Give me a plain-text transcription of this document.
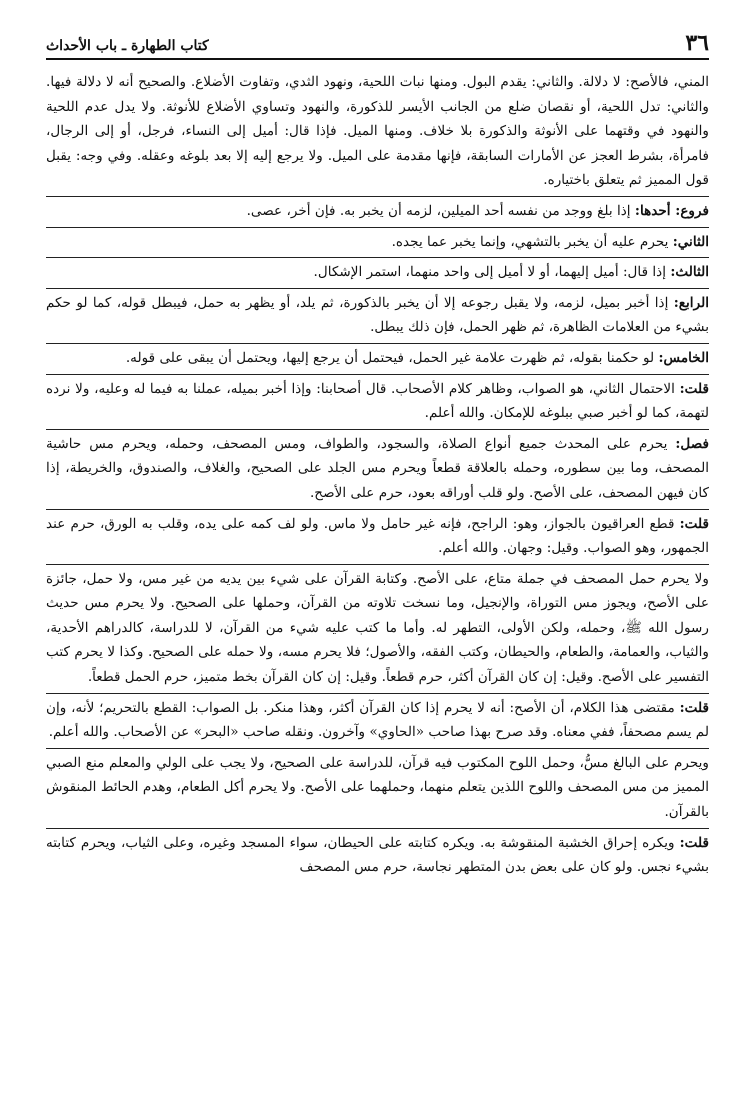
٣٦
كتاب الطهارة ـ باب الأحداث

المني، فالأصح: لا دلالة. والثاني: يقدم البول. ومنها نبات اللحية، ونهود الثدي، وتفاوت الأضلاع. والصحيح أنه لا دلالة فيها. والثاني: تدل اللحية، أو نقصان ضلع من الجانب الأيسر للذكورة، والنهود وتساوي الأضلاع للأنوثة. ولا يدل عدم اللحية والنهود في وقتهما على الأنوثة والذكورة بلا خلاف. ومنها الميل. فإذا قال: أميل إلى النساء، فرجل، أو إلى الرجال، فامرأة، بشرط العجز عن الأمارات السابقة، فإنها مقدمة على الميل. ولا يرجع إليه إلا بعد بلوغه وعقله. وفي وجه: يقبل قول المميز ثم يتعلق باختياره.

فروع: أحدها: إذا بلغ ووجد من نفسه أحد الميلين، لزمه أن يخبر به. فإن أخر، عصى.

الثاني: يحرم عليه أن يخبر بالتشهي، وإنما يخبر عما يجده.

الثالث: إذا قال: أميل إليهما، أو لا أميل إلى واحد منهما، استمر الإشكال.

الرابع: إذا أخبر بميل، لزمه، ولا يقبل رجوعه إلا أن يخبر بالذكورة، ثم يلد، أو يظهر به حمل، فيبطل قوله، كما لو حكم بشيء من العلامات الظاهرة، ثم ظهر الحمل، فإن ذلك يبطل.

الخامس: لو حكمنا بقوله، ثم ظهرت علامة غير الحمل، فيحتمل أن يرجع إليها، ويحتمل أن يبقى على قوله.

قلت: الاحتمال الثاني، هو الصواب، وظاهر كلام الأصحاب. قال أصحابنا: وإذا أخبر بميله، عملنا به فيما له وعليه، ولا نرده لتهمة، كما لو أخبر صبي ببلوغه للإمكان. والله أعلم.

فصل: يحرم على المحدث جميع أنواع الصلاة، والسجود، والطواف، ومس المصحف، وحمله، ويحرم مس حاشية المصحف، وما بين سطوره، وحمله بالعلاقة قطعاً ويحرم مس الجلد على الصحيح، والغلاف، والصندوق، والخريطة، إذا كان فيهن المصحف، على الأصح. ولو قلب أوراقه بعود، حرم على الأصح.

قلت: قطع العراقيون بالجواز، وهو: الراجح، فإنه غير حامل ولا ماس. ولو لف كمه على يده، وقلب به الورق، حرم عند الجمهور، وهو الصواب. وقيل: وجهان. والله أعلم.

ولا يحرم حمل المصحف في جملة متاع، على الأصح. وكتابة القرآن على شيء بين يديه من غير مس، ولا حمل، جائزة على الأصح، ويجوز مس التوراة، والإنجيل، وما نسخت تلاوته من القرآن، وحملها على الصحيح. ولا يحرم مس حديث رسول الله ﷺ، وحمله، ولكن الأولى، التطهر له. وأما ما كتب عليه شيء من القرآن، لا للدراسة، كالدراهم الأحدية، والثياب، والعمامة، والطعام، والحيطان، وكتب الفقه، والأصول؛ فلا يحرم مسه، ولا حمله على الصحيح. وكذا لا يحرم كتب التفسير على الأصح. وقيل: إن كان القرآن أكثر، حرم قطعاً. وقيل: إن كان القرآن بخط متميز، حرم الحمل قطعاً.

قلت: مقتضى هذا الكلام، أن الأصح: أنه لا يحرم إذا كان القرآن أكثر، وهذا منكر. بل الصواب: القطع بالتحريم؛ لأنه، وإن لم يسم مصحفاً، ففي معناه. وقد صرح بهذا صاحب «الحاوي» وآخرون. ونقله صاحب «البحر» عن الأصحاب. والله أعلم.

ويحرم على البالغ مسُّ، وحمل اللوح المكتوب فيه قرآن، للدراسة على الصحيح، ولا يجب على الولي والمعلم منع الصبي المميز من مس المصحف واللوح اللذين يتعلم منهما، وحملهما على الأصح. ولا يحرم أكل الطعام، وهدم الحائط المنقوش بالقرآن.

قلت: ويكره إحراق الخشبة المنقوشة به. ويكره كتابته على الحيطان، سواء المسجد وغيره، وعلى الثياب، ويحرم كتابته بشيء نجس. ولو كان على بعض بدن المتطهر نجاسة، حرم مس المصحف
